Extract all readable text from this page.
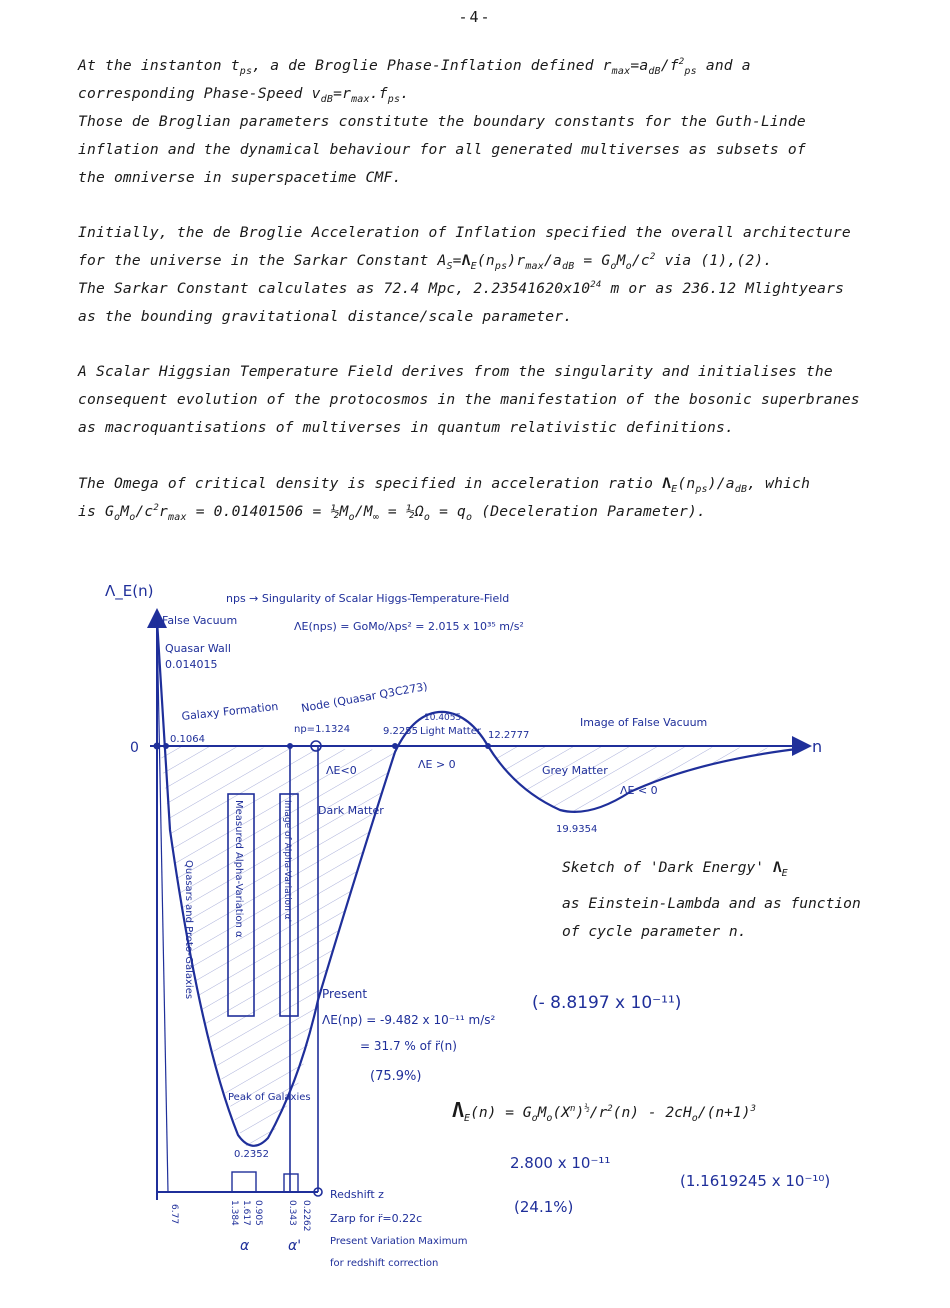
-4-
At the instanton $t_{ps}$, a de Broglie Phase-Inflation defined $r_{max}=a_{dB}/f^2_{ps}$ and a
corresponding Phase-Speed $v_{dB}=r_{max}.f_{ps}$.
Those de Broglian parameters constitute the boundary constants for the Guth-Linde
inflation and the dynamical behaviour for all generated multiverses as subsets of
the omniverse in superspacetime CMF.
Initially, the de Broglie Acceleration of Inflation specified the overall architecture
for the universe in the Sarkar Constant $A_S=\Lambda_E(n_{ps})r_{max}/a_{dB} = G_oM_o/c^2$ via (1),(2).
The Sarkar Constant calculates as 72.4 Mpc, $2.23541620x10^{24}$ m or as 236.12 Mlightyears
as the bounding gravitational distance/scale parameter.
A Scalar Higgsian Temperature Field derives from the singularity and initialises the
consequent evolution of the protocosmos in the manifestation of the bosonic superbranes
as macroquantisations of multiverses in quantum relativistic definitions.
The Omega of critical density is specified in acceleration ratio $\Lambda_E(n_{ps})/a_{dB}$, which
is $G_oM_o/c^2r_{max} = 0.01401506$ = $\frac{1}{2}M_o/M_\infty$ = $\frac{1}{2}\Omega_o = q_o$ (Deceleration Parameter).
Λ_E(n)
n
0
False Vacuum
nps → Singularity of Scalar Higgs-Temperature-Field
ΛE(nps) = GoMo/λps² = 2.015 x 10³⁵ m/s²
Quasar Wall
0.014015
Galaxy Formation Node (Quasar Q3C273)
0.1064
np=1.1324	9.2255
10.4055
Light Matter
ΛE > 0
12.2777
Image of False Vacuum
Grey Matter
ΛE < 0
19.9354
ΛE<0
Dark Matter
Quasars and Proto-Galaxies	Measured Alpha-Variation α	Image of Alpha-Variation α'
Present
ΛE(np) = -9.482 x 10⁻¹¹ m/s²
= 31.7 % of r̈(n)
(75.9%)
(- 8.8197 x 10⁻¹¹)
Peak of Galaxies
0.2352	2.800 x 10⁻¹¹
(24.1%)
(1.1619245 x 10⁻¹⁰)
Redshift z
Zarp for r̈=0.22c
Present Variation Maximum
for redshift correction
α	α'
6.77	1.617
1.384 0.905	0.343 0.2262
Sketch of 'Dark Energy' $\Lambda_E$
as Einstein-Lambda and as function
of cycle parameter n.
$\Lambda_E(n) = G_oM_o(X^n)^{\frac{1}{2}}/r^2(n) - 2cH_o/(n+1)^3$
